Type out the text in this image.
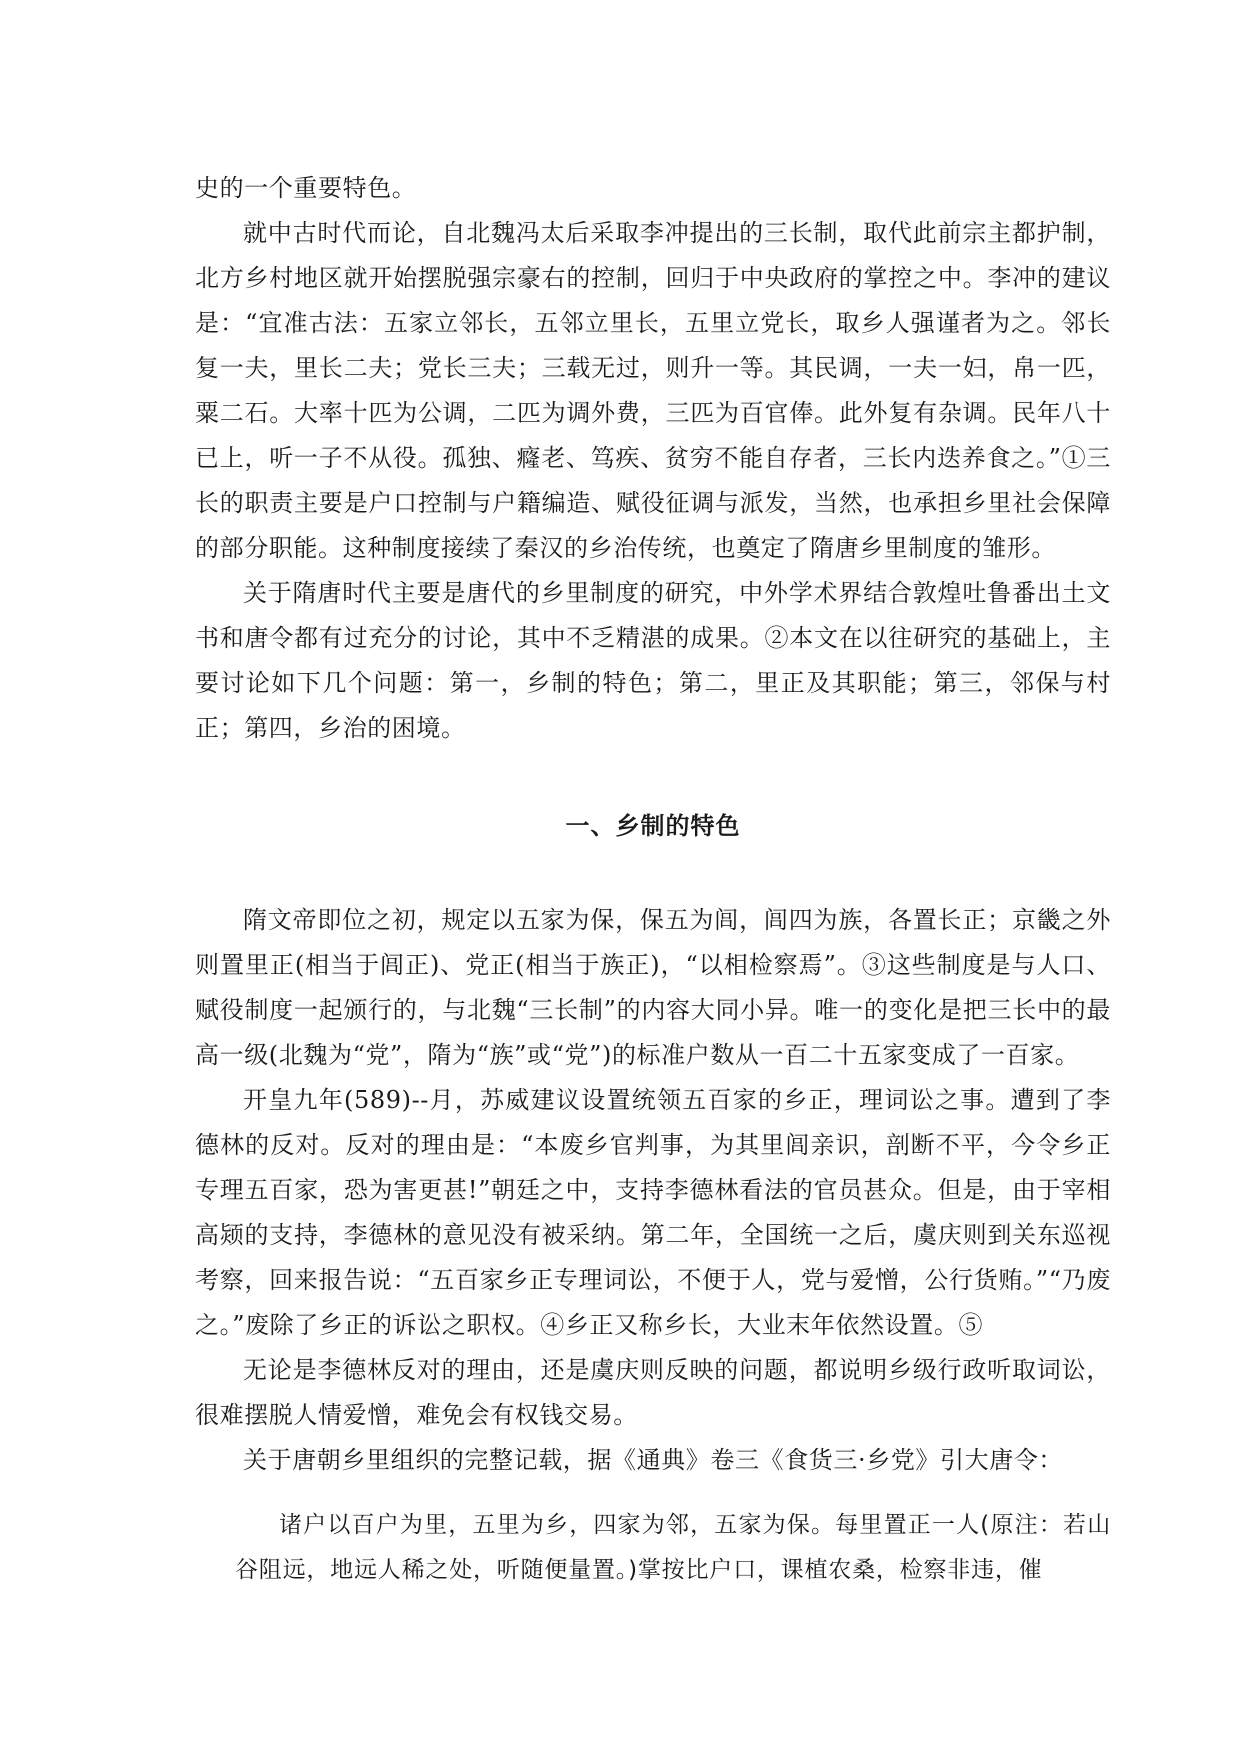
史的一个重要特色。

就中古时代而论，自北魏冯太后采取李冲提出的三长制，取代此前宗主都护制，北方乡村地区就开始摆脱强宗豪右的控制，回归于中央政府的掌控之中。李冲的建议是：“宜准古法：五家立邻长，五邻立里长，五里立党长，取乡人强谨者为之。邻长复一夫，里长二夫；党长三夫；三载无过，则升一等。其民调，一夫一妇，帛一匹，粟二石。大率十匹为公调，二匹为调外费，三匹为百官俸。此外复有杂调。民年八十已上，听一子不从役。孤独、癃老、笃疾、贫穷不能自存者，三长内迭养食之。”①三长的职责主要是户口控制与户籍编造、赋役征调与派发，当然，也承担乡里社会保障的部分职能。这种制度接续了秦汉的乡治传统，也奠定了隋唐乡里制度的雏形。

关于隋唐时代主要是唐代的乡里制度的研究，中外学术界结合敦煌吐鲁番出土文书和唐令都有过充分的讨论，其中不乏精湛的成果。②本文在以往研究的基础上，主要讨论如下几个问题：第一，乡制的特色；第二，里正及其职能；第三，邻保与村正；第四，乡治的困境。

一、乡制的特色

隋文帝即位之初，规定以五家为保，保五为闾，闾四为族，各置长正；京畿之外则置里正(相当于闾正)、党正(相当于族正)，“以相检察焉”。③这些制度是与人口、赋役制度一起颁行的，与北魏“三长制”的内容大同小异。唯一的变化是把三长中的最高一级(北魏为“党”，隋为“族”或“党”)的标准户数从一百二十五家变成了一百家。

开皇九年(589)--月，苏威建议设置统领五百家的乡正，理词讼之事。遭到了李德林的反对。反对的理由是：“本废乡官判事，为其里闾亲识，剖断不平，今令乡正专理五百家，恐为害更甚!”朝廷之中，支持李德林看法的官员甚众。但是，由于宰相高颎的支持，李德林的意见没有被采纳。第二年，全国统一之后，虞庆则到关东巡视考察，回来报告说：“五百家乡正专理词讼，不便于人，党与爱憎，公行货贿。”“乃废之。”废除了乡正的诉讼之职权。④乡正又称乡长，大业末年依然设置。⑤

无论是李德林反对的理由，还是虞庆则反映的问题，都说明乡级行政听取词讼，很难摆脱人情爱憎，难免会有权钱交易。

关于唐朝乡里组织的完整记载，据《通典》卷三《食货三·乡党》引大唐令：

诸户以百户为里，五里为乡，四家为邻，五家为保。每里置正一人(原注：若山谷阻远，地远人稀之处，听随便量置。)掌按比户口，课植农桑，检察非违，催
